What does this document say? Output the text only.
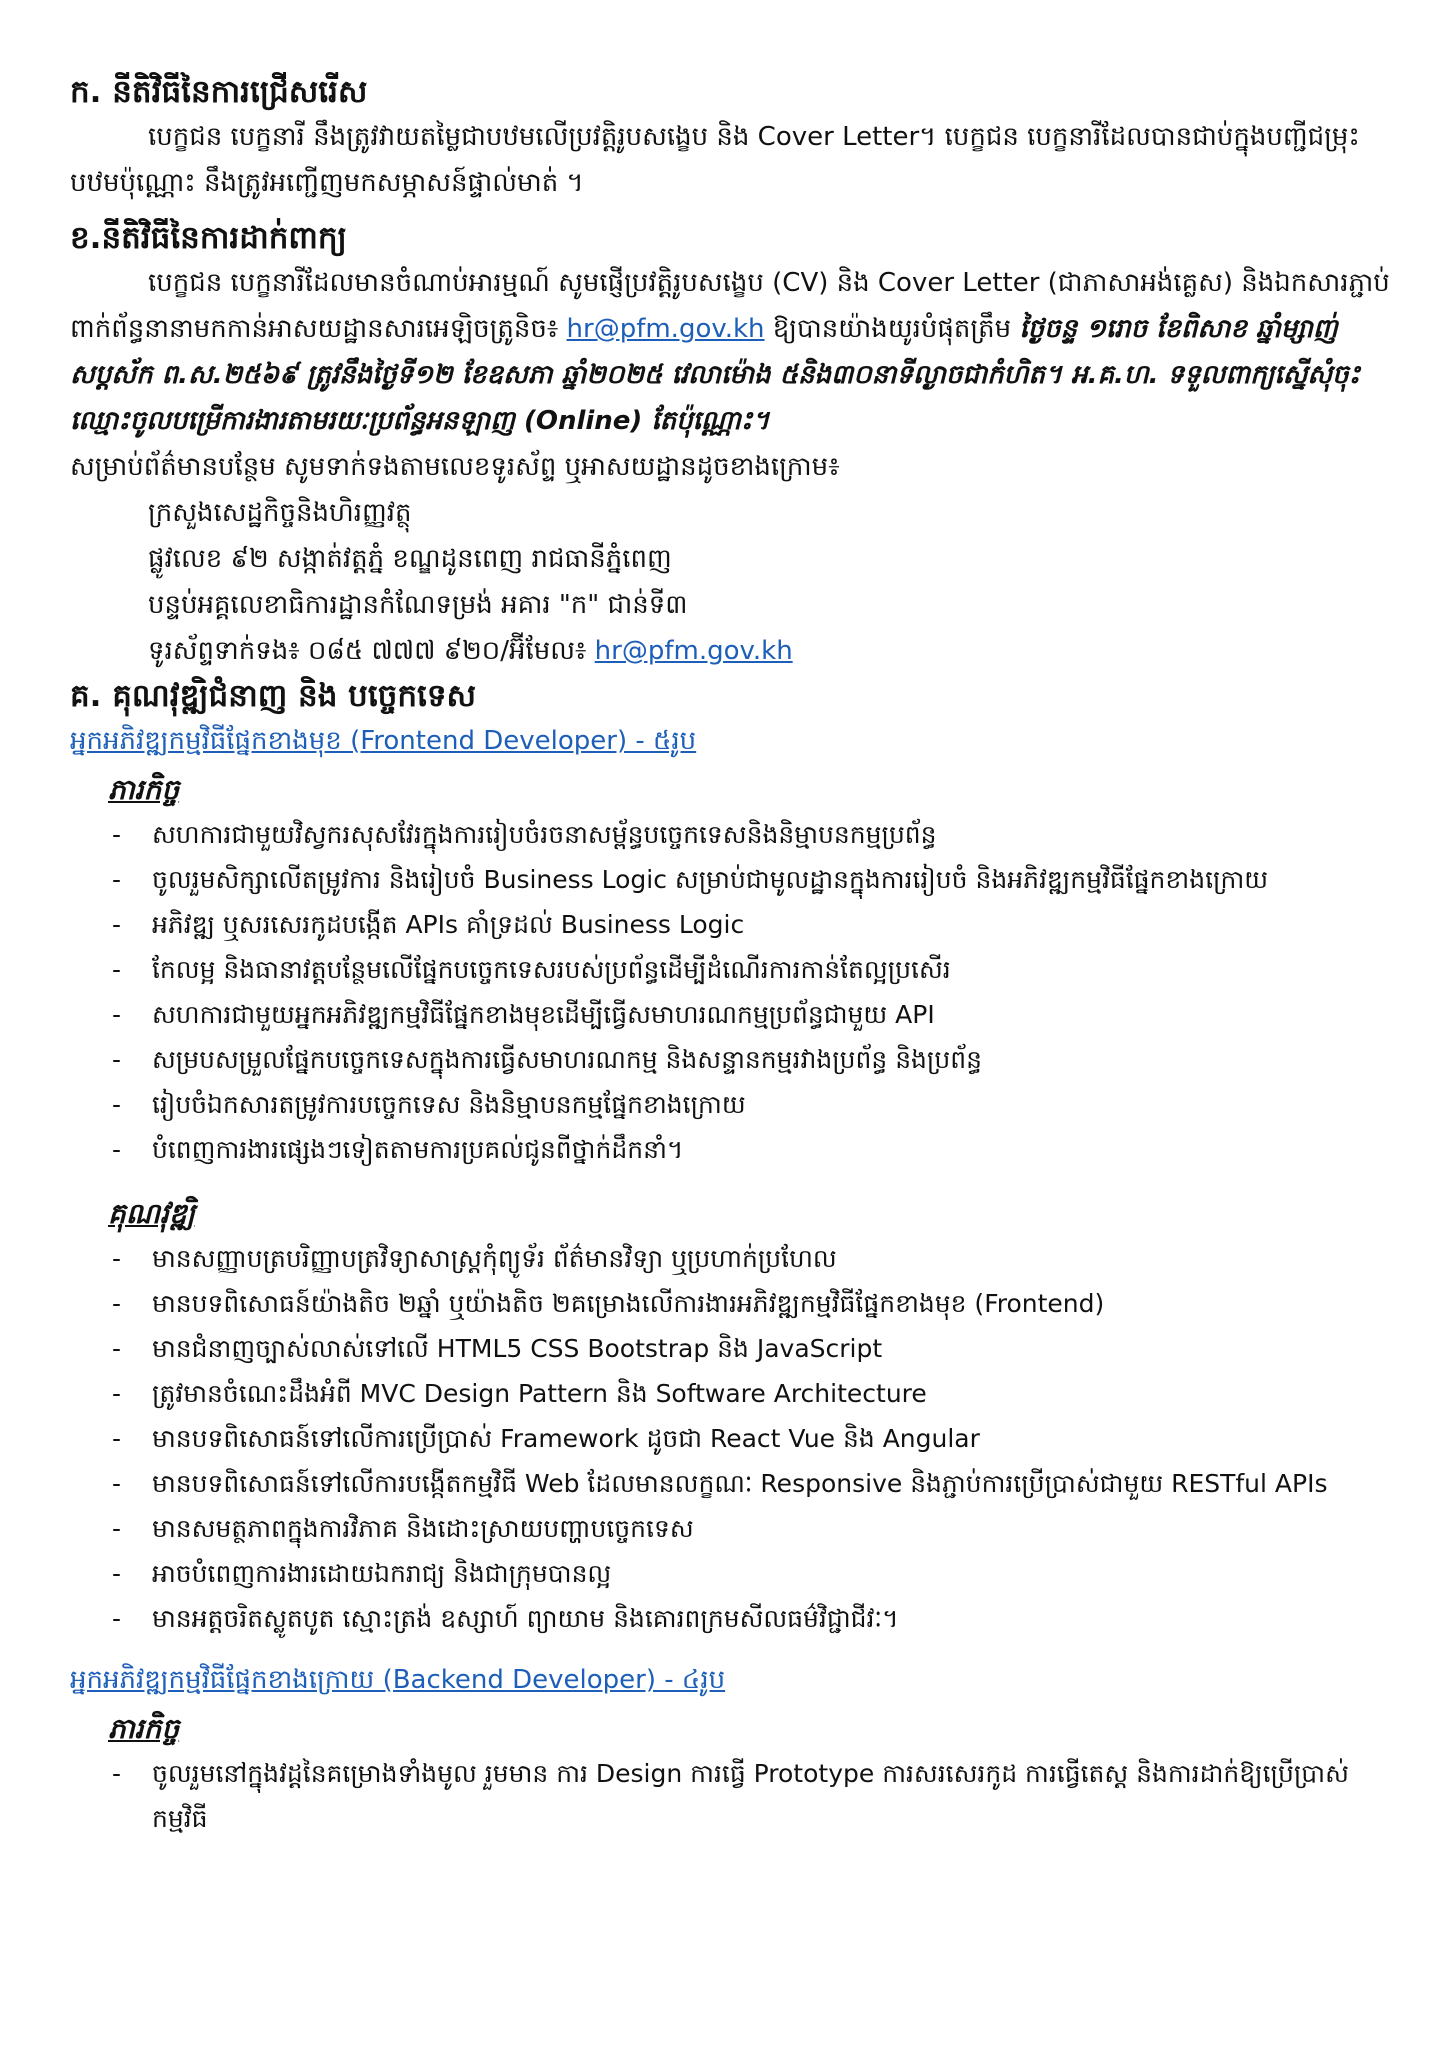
ក. នីតិវិធីនៃការជ្រើសរើស

បេក្ខជន បេក្ខនារី នឹងត្រូវវាយតម្លៃជាបឋមលើប្រវត្តិរូបសង្ខេប និង Cover Letter។ បេក្ខជន បេក្ខនារីដែលបានជាប់ក្នុងបញ្ជីជម្រុះបឋមប៉ុណ្ណោះ នឹងត្រូវអញ្ជើញមកសម្ភាសន៍ផ្ទាល់មាត់ ។

ខ.នីតិវិធីនៃការដាក់ពាក្យ

បេក្ខជន បេក្ខនារីដែលមានចំណាប់អារម្មណ៍ សូមផ្ញើប្រវត្តិរូបសង្ខេប (CV) និង Cover Letter (ជាភាសាអង់គ្លេស) និងឯកសារភ្ជាប់ពាក់ព័ន្ធនានាមកកាន់អាសយដ្ឋានសារអេឡិចត្រូនិច៖ hr@pfm.gov.kh ឱ្យបានយ៉ាងយូរបំផុតត្រឹម ថ្ងៃចន្ទ ១រោច ខែពិសាខ ឆ្នាំម្សាញ់ សប្តស័ក ព.ស.២៥៦៩ ត្រូវនឹងថ្ងៃទី១២ ខែឧសភា ឆ្នាំ២០២៥ វេលាម៉ោង ៥និង៣០នាទីល្ងាចជាកំហិត។ អ.គ.ហ. ទទួលពាក្យស្នើសុំចុះឈ្មោះចូលបម្រើការងារតាមរយៈប្រព័ន្ធអនឡាញ (Online) តែប៉ុណ្ណោះ។

សម្រាប់ព័ត៌មានបន្ថែម សូមទាក់ទងតាមលេខទូរស័ព្ទ ឬអាសយដ្ឋានដូចខាងក្រោម៖

ក្រសួងសេដ្ឋកិច្ចនិងហិរញ្ញវត្ថុ
ផ្លូវលេខ ៩២ សង្កាត់វត្តភ្នំ ខណ្ឌដូនពេញ រាជធានីភ្នំពេញ
បន្ទប់អគ្គលេខាធិការដ្ឋានកំណែទម្រង់ អគារ "ក" ជាន់ទី៣
ទូរស័ព្ទទាក់ទង៖ ០៨៥ ៧៧៧ ៩២០/អ៊ីមែល៖ hr@pfm.gov.kh
គ. គុណវុឌ្ឍិជំនាញ និង បច្ចេកទេស
អ្នកអភិវឌ្ឍកម្មវិធីផ្នែកខាងមុខ (Frontend Developer) - ៥រូប
ភារកិច្ច
- សហការជាមួយវិស្វករសុសវែរក្នុងការរៀបចំរចនាសម្ព័ន្ធបច្ចេកទេសនិងនិម្មាបនកម្មប្រព័ន្ធ
- ចូលរួមសិក្សាលើតម្រូវការ និងរៀបចំ Business Logic សម្រាប់ជាមូលដ្ឋានក្នុងការរៀបចំ និងអភិវឌ្ឍកម្មវិធីផ្នែកខាងក្រោយ
- អភិវឌ្ឍ ឬសរសេរកូដបង្កើត APIs គាំទ្រដល់ Business Logic
- កែលម្អ និងធានាវត្តបន្ថែមលើផ្នែកបច្ចេកទេសរបស់ប្រព័ន្ធដើម្បីដំណើរការកាន់តែល្អប្រសើរ
- សហការជាមួយអ្នកអភិវឌ្ឍកម្មវិធីផ្នែកខាងមុខដើម្បីធ្វើសមាហរណកម្មប្រព័ន្ធជាមួយ API
- សម្របសម្រួលផ្នែកបច្ចេកទេសក្នុងការធ្វើសមាហរណកម្ម និងសន្ទានកម្មរវាងប្រព័ន្ធ និងប្រព័ន្ធ
- រៀបចំឯកសារតម្រូវការបច្ចេកទេស និងនិម្មាបនកម្មផ្នែកខាងក្រោយ
- បំពេញការងារផ្សេងៗទៀតតាមការប្រគល់ជូនពីថ្នាក់ដឹកនាំ។
គុណវុឌ្ឍិ
- មានសញ្ញាបត្របរិញ្ញាបត្រវិទ្យាសាស្ត្រកុំព្យូទ័រ ព័ត៌មានវិទ្យា ឬប្រហាក់ប្រហែល
- មានបទពិសោធន៍យ៉ាងតិច ២ឆ្នាំ ឬយ៉ាងតិច ២គម្រោងលើការងារអភិវឌ្ឍកម្មវិធីផ្នែកខាងមុខ (Frontend)
- មានជំនាញច្បាស់លាស់ទៅលើ HTML5 CSS Bootstrap និង JavaScript
- ត្រូវមានចំណេះដឹងអំពី MVC Design Pattern និង Software Architecture
- មានបទពិសោធន៍ទៅលើការប្រើប្រាស់ Framework ដូចជា React Vue និង Angular
- មានបទពិសោធន៍ទៅលើការបង្កើតកម្មវិធី Web ដែលមានលក្ខណៈ Responsive និងភ្ជាប់ការប្រើប្រាស់ជាមួយ RESTful APIs
- មានសមត្ថភាពក្នុងការវិភាគ និងដោះស្រាយបញ្ហាបច្ចេកទេស
- អាចបំពេញការងារដោយឯករាជ្យ និងជាក្រុមបានល្អ
- មានអត្តចរិតស្លូតបូត ស្មោះត្រង់ ឧស្សាហ៍ ព្យាយាម និងគោរពក្រមសីលធម៌វិជ្ជាជីវៈ។
អ្នកអភិវឌ្ឍកម្មវិធីផ្នែកខាងក្រោយ (Backend Developer) - ៤រូប
ភារកិច្ច
- ចូលរួមនៅក្នុងវដ្តនៃគម្រោងទាំងមូល រួមមាន ការ Design ការធ្វើ Prototype ការសរសេរកូដ ការធ្វើតេស្ត និងការដាក់ឱ្យប្រើប្រាស់កម្មវិធី
